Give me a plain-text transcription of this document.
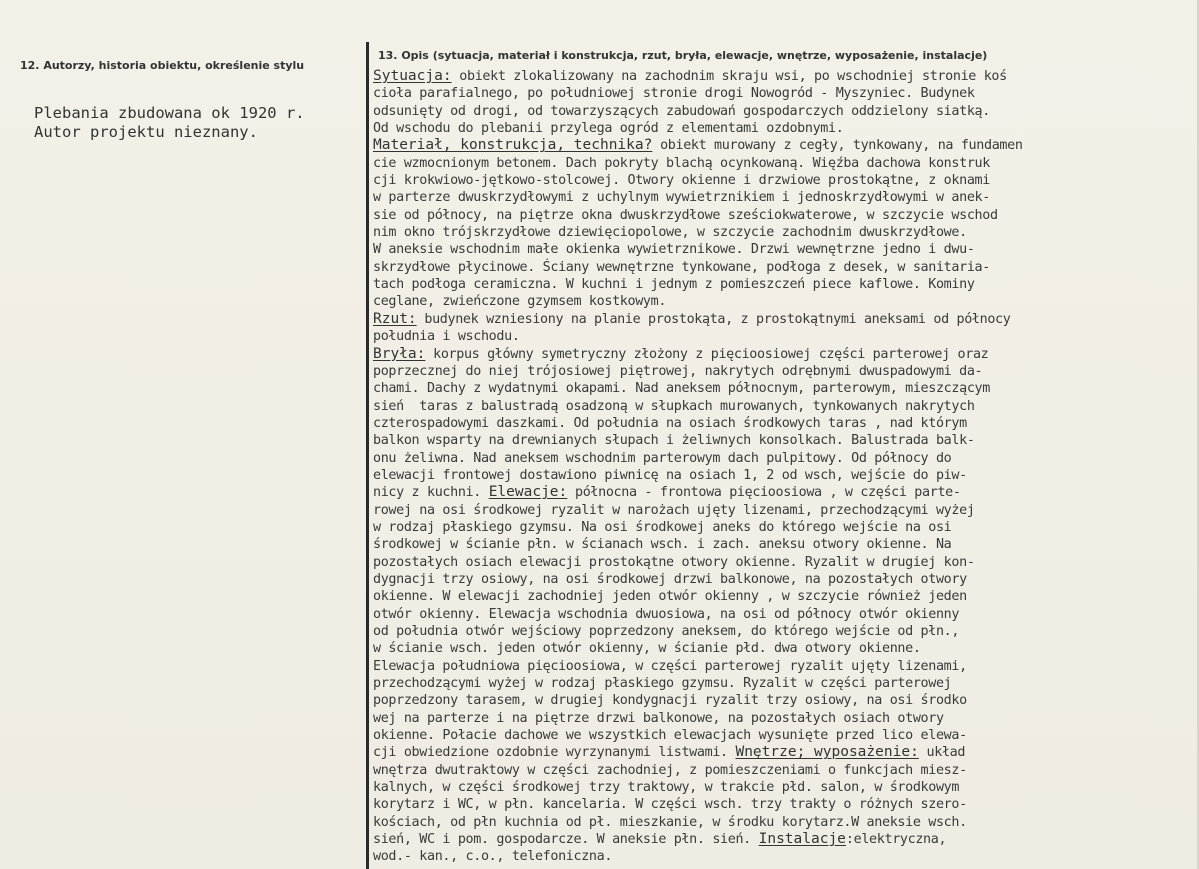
12. Autorzy, historia obiektu, określenie stylu
13. Opis (sytuacja, materiał i konstrukcja, rzut, bryła, elewacje, wnętrze, wyposażenie, instalacje)
Plebania zbudowana ok 1920 r.
Autor projektu nieznany.
Sytuacja: obiekt zlokalizowany na zachodnim skraju wsi, po wschodniej stronie koś
cioła parafialnego, po południowej stronie drogi Nowogród - Myszyniec. Budynek
odsunięty od drogi, od towarzyszących zabudowań gospodarczych oddzielony siatką.
Od wschodu do plebanii przylega ogród z elementami ozdobnymi.
Materiał, konstrukcja, technika? obiekt murowany z cegły, tynkowany, na fundamen
cie wzmocnionym betonem. Dach pokryty blachą ocynkowaną. Więźba dachowa konstruk
cji krokwiowo-jętkowo-stolcowej. Otwory okienne i drzwiowe prostokątne, z oknami
w parterze dwuskrzydłowymi z uchylnym wywietrznikiem i jednoskrzydłowymi w anek-
sie od północy, na piętrze okna dwuskrzydłowe sześciokwaterowe, w szczycie wschod
nim okno trójskrzydłowe dziewięciopolowe, w szczycie zachodnim dwuskrzydłowe.
W aneksie wschodnim małe okienka wywietrznikowe. Drzwi wewnętrzne jedno i dwu-
skrzydłowe płycinowe. Ściany wewnętrzne tynkowane, podłoga z desek, w sanitaria-
tach podłoga ceramiczna. W kuchni i jednym z pomieszczeń piece kaflowe. Kominy
ceglane, zwieńczone gzymsem kostkowym.
Rzut: budynek wzniesiony na planie prostokąta, z prostokątnymi aneksami od północy
południa i wschodu.
Bryła: korpus główny symetryczny złożony z pięcioosiowej części parterowej oraz
poprzecznej do niej trójosiowej piętrowej, nakrytych odrębnymi dwuspadowymi da-
chami. Dachy z wydatnymi okapami. Nad aneksem północnym, parterowym, mieszczącym
sień  taras z balustradą osadzoną w słupkach murowanych, tynkowanych nakrytych
czterospadowymi daszkami. Od południa na osiach środkowych taras , nad którym
balkon wsparty na drewnianych słupach i żeliwnych konsolkach. Balustrada balk-
onu żeliwna. Nad aneksem wschodnim parterowym dach pulpitowy. Od północy do
elewacji frontowej dostawiono piwnicę na osiach 1, 2 od wsch, wejście do piw-
nicy z kuchni. Elewacje: północna - frontowa pięcioosiowa , w części parte-
rowej na osi środkowej ryzalit w narożach ujęty lizenami, przechodzącymi wyżej
w rodzaj płaskiego gzymsu. Na osi środkowej aneks do którego wejście na osi
środkowej w ścianie płn. w ścianach wsch. i zach. aneksu otwory okienne. Na
pozostałych osiach elewacji prostokątne otwory okienne. Ryzalit w drugiej kon-
dygnacji trzy osiowy, na osi środkowej drzwi balkonowe, na pozostałych otwory
okienne. W elewacji zachodniej jeden otwór okienny , w szczycie również jeden
otwór okienny. Elewacja wschodnia dwuosiowa, na osi od północy otwór okienny
od południa otwór wejściowy poprzedzony aneksem, do którego wejście od płn.,
w ścianie wsch. jeden otwór okienny, w ścianie płd. dwa otwory okienne.
Elewacja południowa pięcioosiowa, w części parterowej ryzalit ujęty lizenami,
przechodzącymi wyżej w rodzaj płaskiego gzymsu. Ryzalit w części parterowej
poprzedzony tarasem, w drugiej kondygnacji ryzalit trzy osiowy, na osi środko
wej na parterze i na piętrze drzwi balkonowe, na pozostałych osiach otwory
okienne. Połacie dachowe we wszystkich elewacjach wysunięte przed lico elewa-
cji obwiedzione ozdobnie wyrzynanymi listwami. Wnętrze; wyposażenie: układ
wnętrza dwutraktowy w części zachodniej, z pomieszczeniami o funkcjach miesz-
kalnych, w części środkowej trzy traktowy, w trakcie płd. salon, w środkowym
korytarz i WC, w płn. kancelaria. W części wsch. trzy trakty o różnych szero-
kościach, od płn kuchnia od pł. mieszkanie, w środku korytarz.W aneksie wsch.
sień, WC i pom. gospodarcze. W aneksie płn. sień. Instalacje:elektryczna,
wod.- kan., c.o., telefoniczna.
